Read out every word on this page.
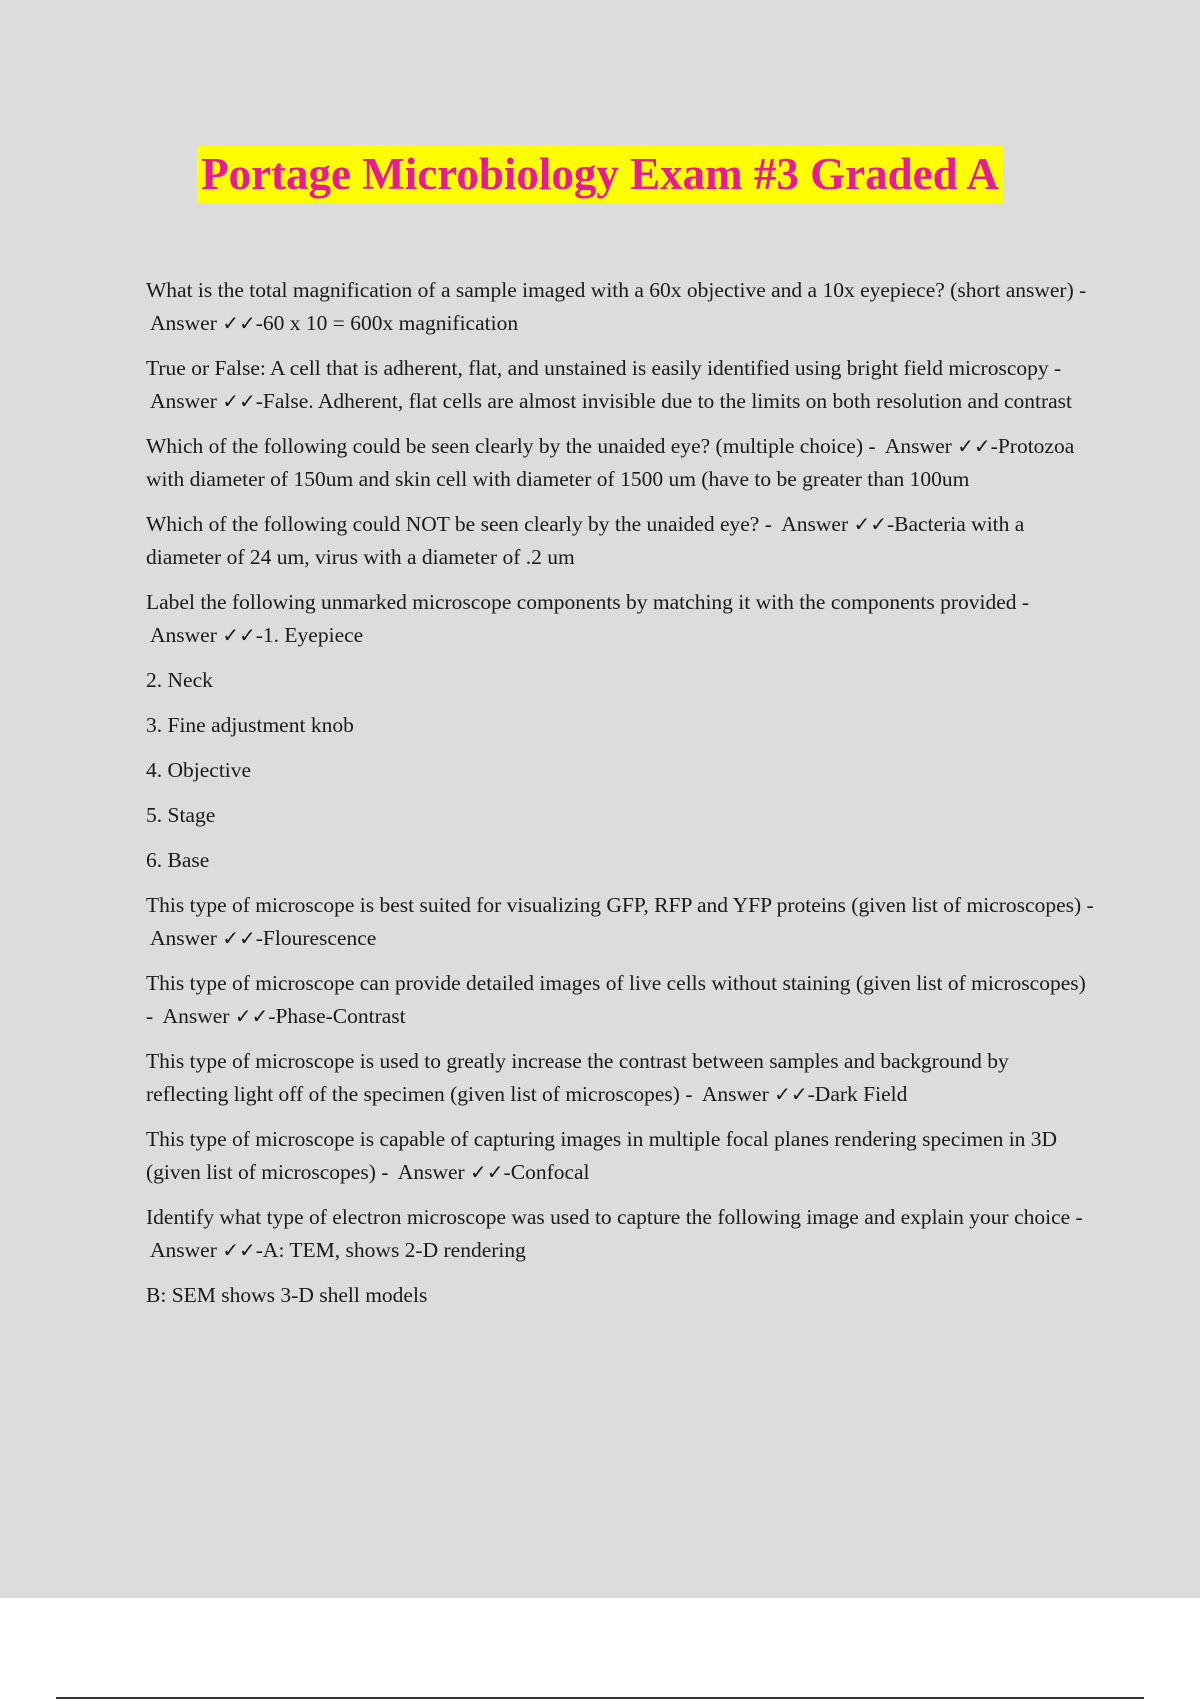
Portage Microbiology Exam #3 Graded A

What is the total magnification of a sample imaged with a 60x objective and a 10x eyepiece? (short answer) - Answer ✓✓-60 x 10 = 600x magnification

True or False: A cell that is adherent, flat, and unstained is easily identified using bright field microscopy - Answer ✓✓-False. Adherent, flat cells are almost invisible due to the limits on both resolution and contrast

Which of the following could be seen clearly by the unaided eye? (multiple choice) - Answer ✓✓-Protozoa with diameter of 150um and skin cell with diameter of 1500 um (have to be greater than 100um

Which of the following could NOT be seen clearly by the unaided eye? - Answer ✓✓-Bacteria with a diameter of 24 um, virus with a diameter of .2 um

Label the following unmarked microscope components by matching it with the components provided - Answer ✓✓-1. Eyepiece

2. Neck

3. Fine adjustment knob

4. Objective

5. Stage

6. Base

This type of microscope is best suited for visualizing GFP, RFP and YFP proteins (given list of microscopes) - Answer ✓✓-Flourescence

This type of microscope can provide detailed images of live cells without staining (given list of microscopes) - Answer ✓✓-Phase-Contrast

This type of microscope is used to greatly increase the contrast between samples and background by reflecting light off of the specimen (given list of microscopes) - Answer ✓✓-Dark Field

This type of microscope is capable of capturing images in multiple focal planes rendering specimen in 3D (given list of microscopes) - Answer ✓✓-Confocal

Identify what type of electron microscope was used to capture the following image and explain your choice - Answer ✓✓-A: TEM, shows 2-D rendering

B: SEM shows 3-D shell models
